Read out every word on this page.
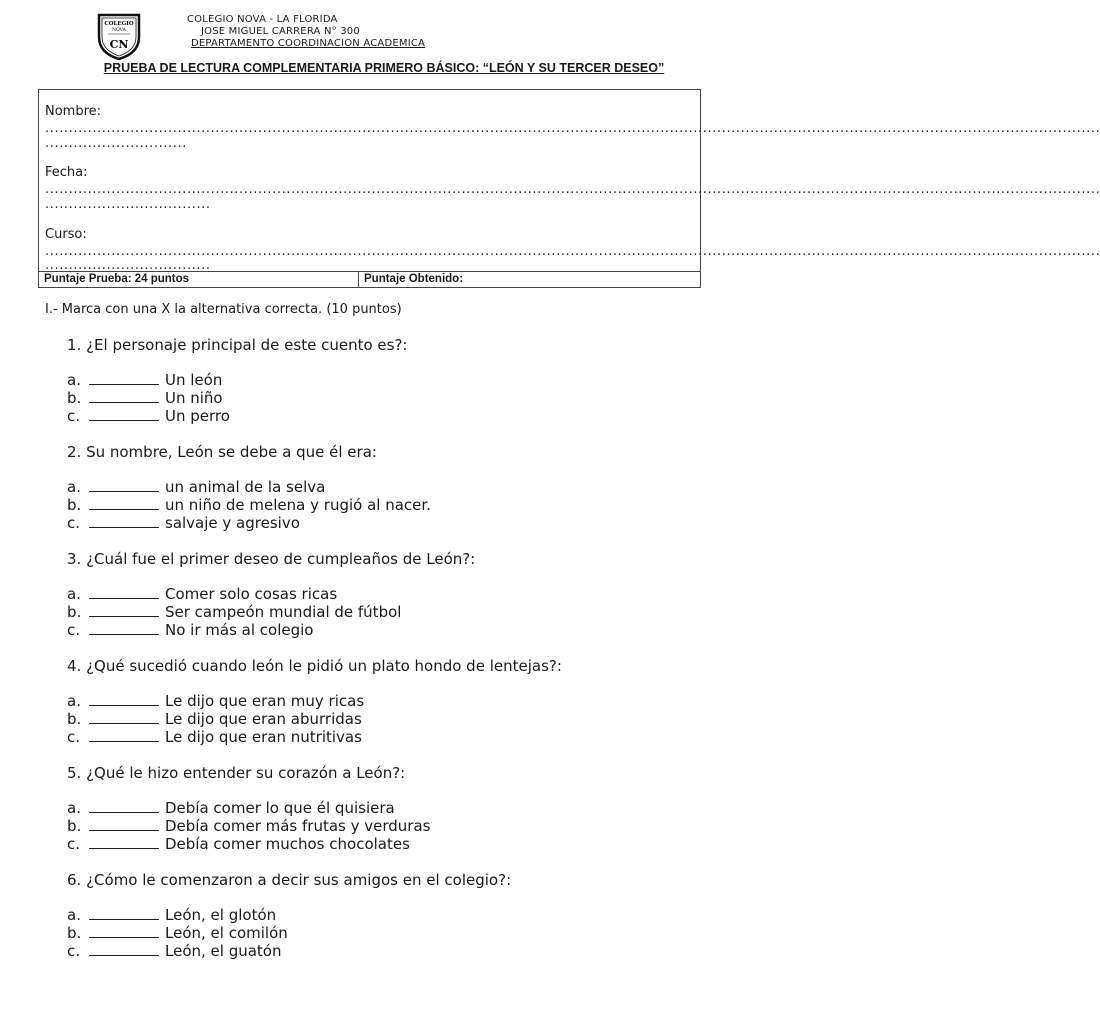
COLEGIO
NOVA
CN
COLEGIO NOVA - LA FLORIDA
JOSE MIGUEL CARRERA N° 300
DEPARTAMENTO COORDINACION ACADEMICA
PRUEBA DE LECTURA COMPLEMENTARIA PRIMERO BÁSICO: “LEÓN Y SU TERCER DESEO”
Nombre:
...............................................................................................................................................................................................................................
..............................
Fecha:
...............................................................................................................................................................................................................................
...................................
Curso:
...............................................................................................................................................................................................................................
...................................
Puntaje Prueba: 24 puntos	Puntaje Obtenido:
I.- Marca con una X la alternativa correcta. (10 puntos)
1. ¿El personaje principal de este cuento es?:
a.	Un león
b.	Un niño
c.	Un perro
2. Su nombre, León se debe a que él era:
a.	un animal de la selva
b.	un niño de melena y rugió al nacer.
c.	salvaje y agresivo
3. ¿Cuál fue el primer deseo de cumpleaños de León?:
a.	Comer solo cosas ricas
b.	Ser campeón mundial de fútbol
c.	No ir más al colegio
4. ¿Qué sucedió cuando león le pidió un plato hondo de lentejas?:
a.	Le dijo que eran muy ricas
b.	Le dijo que eran aburridas
c.	Le dijo que eran nutritivas
5. ¿Qué le hizo entender su corazón a León?:
a.	Debía comer lo que él quisiera
b.	Debía comer más frutas y verduras
c.	Debía comer muchos chocolates
6. ¿Cómo le comenzaron a decir sus amigos en el colegio?:
a.	León, el glotón
b.	León, el comilón
c.	León, el guatón
